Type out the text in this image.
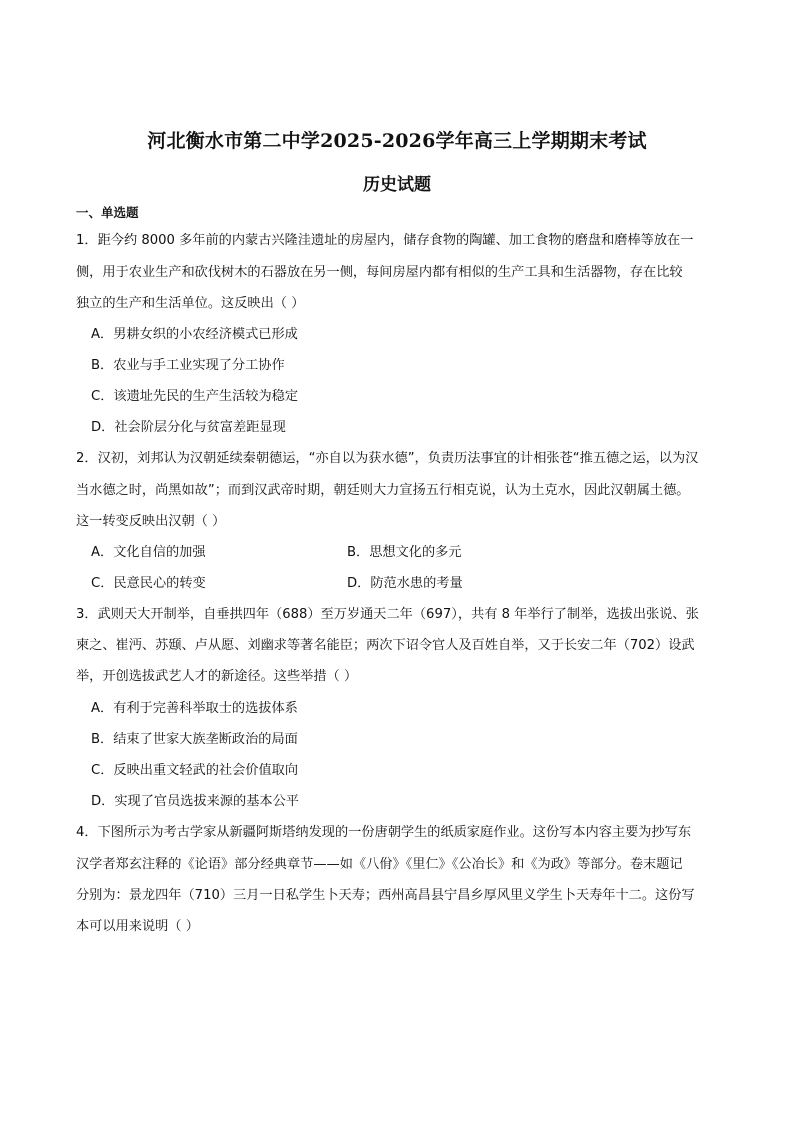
河北衡水市第二中学2025-2026学年高三上学期期末考试
历史试题
一、单选题
1．距今约 8000 多年前的内蒙古兴隆洼遗址的房屋内，储存食物的陶罐、加工食物的磨盘和磨棒等放在一
侧，用于农业生产和砍伐树木的石器放在另一侧，每间房屋内都有相似的生产工具和生活器物，存在比较
独立的生产和生活单位。这反映出（ ）
A．男耕女织的小农经济模式已形成
B．农业与手工业实现了分工协作
C．该遗址先民的生产生活较为稳定
D．社会阶层分化与贫富差距显现
2．汉初，刘邦认为汉朝延续秦朝德运，“亦自以为获水德”，负责历法事宜的计相张苍“推五德之运，以为汉
当水德之时，尚黑如故”；而到汉武帝时期，朝廷则大力宣扬五行相克说，认为土克水，因此汉朝属土德。
这一转变反映出汉朝（ ）
A．文化自信的加强	B．思想文化的多元
C．民意民心的转变	D．防范水患的考量
3．武则天大开制举，自垂拱四年（688）至万岁通天二年（697），共有 8 年举行了制举，选拔出张说、张
柬之、崔沔、苏颋、卢从愿、刘幽求等著名能臣；两次下诏令官人及百姓自举，又于长安二年（702）设武
举，开创选拔武艺人才的新途径。这些举措（ ）
A．有利于完善科举取士的选拔体系
B．结束了世家大族垄断政治的局面
C．反映出重文轻武的社会价值取向
D．实现了官员选拔来源的基本公平
4．下图所示为考古学家从新疆阿斯塔纳发现的一份唐朝学生的纸质家庭作业。这份写本内容主要为抄写东
汉学者郑玄注释的《论语》部分经典章节——如《八佾》《里仁》《公冶长》和《为政》等部分。卷末题记
分别为：景龙四年（710）三月一日私学生卜天寿；西州高昌县宁昌乡厚风里义学生卜天寿年十二。这份写
本可以用来说明（ ）
